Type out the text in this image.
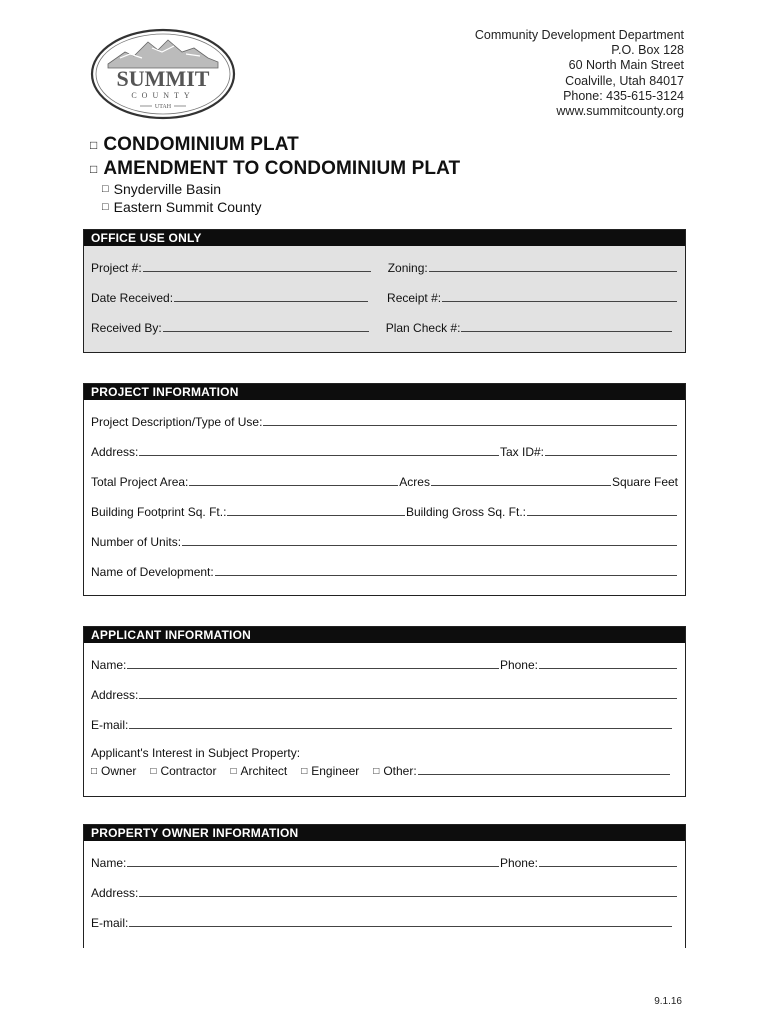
SUMMIT
COUNTY
UTAH
Community Development Department
P.O. Box 128
60 North Main Street
Coalville, Utah 84017
Phone: 435-615-3124
www.summitcounty.org
□ CONDOMINIUM PLAT
□ AMENDMENT TO CONDOMINIUM PLAT
□ Snyderville Basin
□ Eastern Summit County
OFFICE USE ONLY
Project #:	Zoning:
Date Received:	Receipt #:
Received By:	Plan Check #:
PROJECT INFORMATION
Project Description/Type of Use:
Address:	Tax ID#:
Total Project Area:	Acres	Square Feet
Building Footprint Sq. Ft.:	Building Gross Sq. Ft.:
Number of Units:
Name of Development:
APPLICANT INFORMATION
Name:	Phone:
Address:
E-mail:
Applicant's Interest in Subject Property:
□ Owner □ Contractor □ Architect □ Engineer □ Other:
PROPERTY OWNER INFORMATION
Name:	Phone:
Address:
E-mail:
9.1.16
